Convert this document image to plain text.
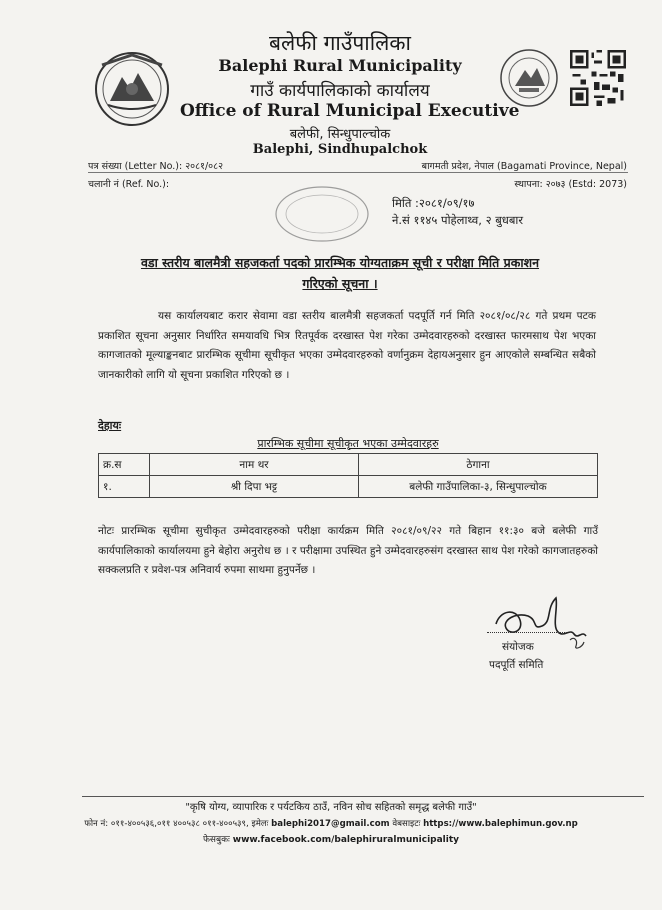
बलेफी गाउँपालिका
Balephi Rural Municipality
गाउँ कार्यपालिकाको कार्यालय
Office of Rural Municipal Executive
बलेफी, सिन्धुपाल्चोक
Balephi, Sindhupalchok
पत्र संख्या (Letter No.): २०८१/०८२
चलानी नं (Ref. No.):
बागमती प्रदेश, नेपाल (Bagamati Province, Nepal)
स्थापना: २०७३ (Estd: 2073)
मिति :२०८१/०९/१७
ने.सं ११४५ पोहेलाथ्व, २ बुधबार
वडा स्तरीय बालमैत्री सहजकर्ता पदको प्रारम्भिक योग्यताक्रम सूची र परीक्षा मिति प्रकाशन
गरिएको सूचना ।
यस कार्यालयबाट करार सेवामा वडा स्तरीय बालमैत्री सहजकर्ता पदपूर्ति गर्न मिति २०८१/०८/२८ गते प्रथम पटक प्रकाशित सूचना अनुसार निर्धारित समयावधि भित्र रितपूर्वक दरखास्त पेश गरेका उम्मेदवारहरुको दरखास्त फारमसाथ पेश भएका कागजातको मूल्याङ्कनबाट प्रारम्भिक सूचीमा सूचीकृत भएका उम्मेदवारहरुको वर्णानुक्रम देहायअनुसार हुन आएकोले सम्बन्धित सबैको जानकारीको लागि यो सूचना प्रकाशित गरिएको छ ।
देहायः
प्रारम्भिक सूचीमा सूचीकृत भएका उम्मेदवारहरु
क्र.स	नाम थर	ठेगाना
१.	श्री दिपा भट्ट	बलेफी गाउँपालिका-३, सिन्धुपाल्चोक
नोटः प्रारम्भिक सूचीमा सुचीकृत उम्मेदवारहरुको परीक्षा कार्यक्रम मिति २०८१/०९/२२ गते बिहान ११:३० बजे बलेफी गाउँ कार्यपालिकाको कार्यालयमा हुने बेहोरा अनुरोध छ । र परीक्षामा उपस्थित हुने उम्मेदवारहरुसंग दरखास्त साथ पेश गरेको कागजातहरुको सक्कलप्रति र प्रवेश-पत्र अनिवार्य रुपमा साथमा हुनुपर्नेछ ।
संयोजक
पदपूर्ति समिति
"कृषि योग्य, व्यापारिक र पर्यटकिय ठाउँ, नविन सोच सहितको समृद्ध बलेफी गाउँ"
फोन नं: ०११-४००५३६,०११ ४००५३८ ०११-४००५३९, इमेलः balephi2017@gmail.com वेबसाइटः https://www.balephimun.gov.np
फेसबुकः www.facebook.com/balephiruralmunicipality
